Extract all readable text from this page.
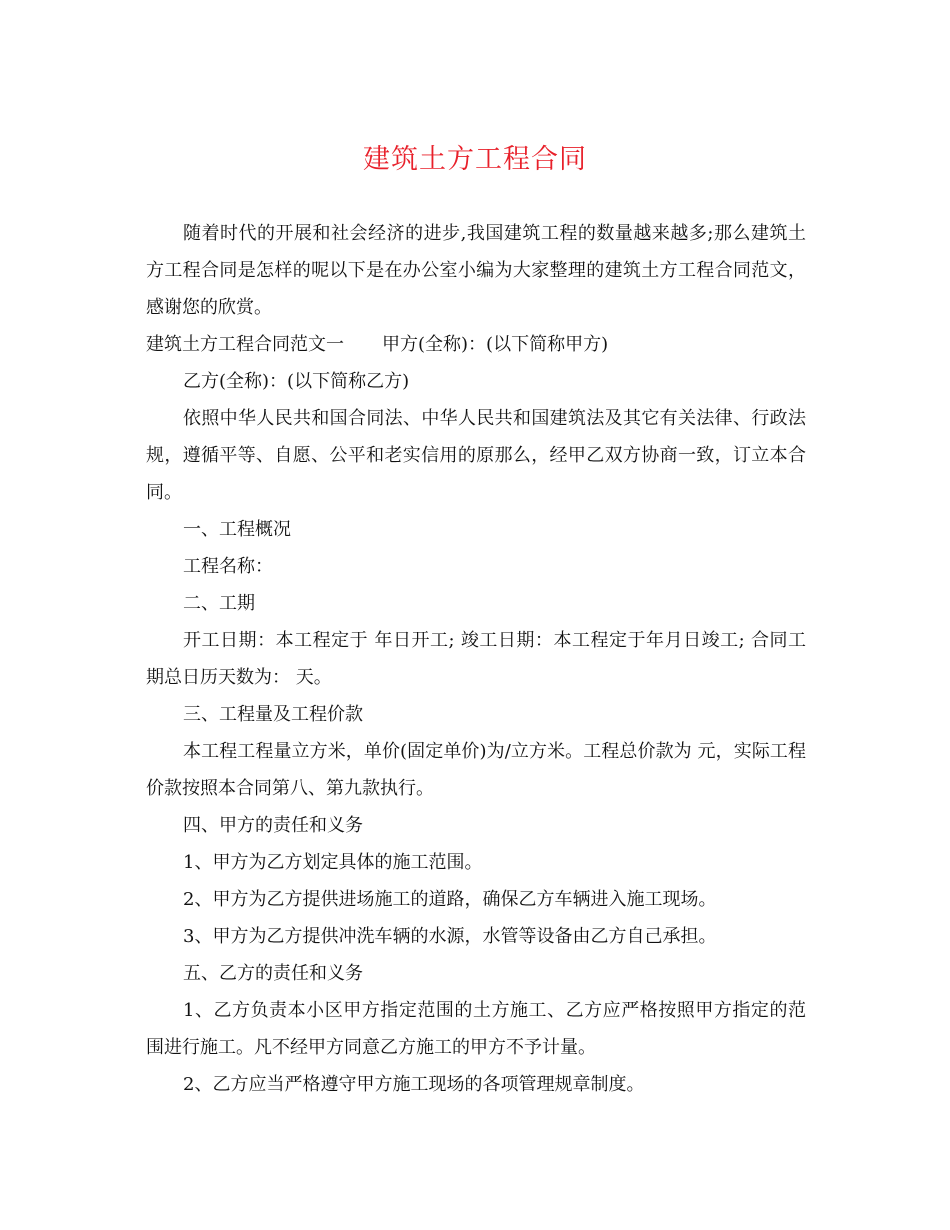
建筑土方工程合同

随着时代的开展和社会经济的进步,我国建筑工程的数量越来越多;那么建筑土方工程合同是怎样的呢以下是在办公室小编为大家整理的建筑土方工程合同范文，感谢您的欣赏。

建筑土方工程合同范文一 甲方(全称)：(以下简称甲方)

乙方(全称)：(以下简称乙方)

依照中华人民共和国合同法、中华人民共和国建筑法及其它有关法律、行政法规，遵循平等、自愿、公平和老实信用的原那么，经甲乙双方协商一致，订立本合同。

一、工程概况

工程名称：

二、工期

开工日期：本工程定于 年日开工; 竣工日期：本工程定于年月日竣工; 合同工期总日历天数为： 天。

三、工程量及工程价款

本工程工程量立方米，单价(固定单价)为/立方米。工程总价款为 元，实际工程价款按照本合同第八、第九款执行。

四、甲方的责任和义务

1、甲方为乙方划定具体的施工范围。

2、甲方为乙方提供进场施工的道路，确保乙方车辆进入施工现场。

3、甲方为乙方提供冲洗车辆的水源，水管等设备由乙方自己承担。

五、乙方的责任和义务

1、乙方负责本小区甲方指定范围的土方施工、乙方应严格按照甲方指定的范围进行施工。凡不经甲方同意乙方施工的甲方不予计量。

2、乙方应当严格遵守甲方施工现场的各项管理规章制度。
